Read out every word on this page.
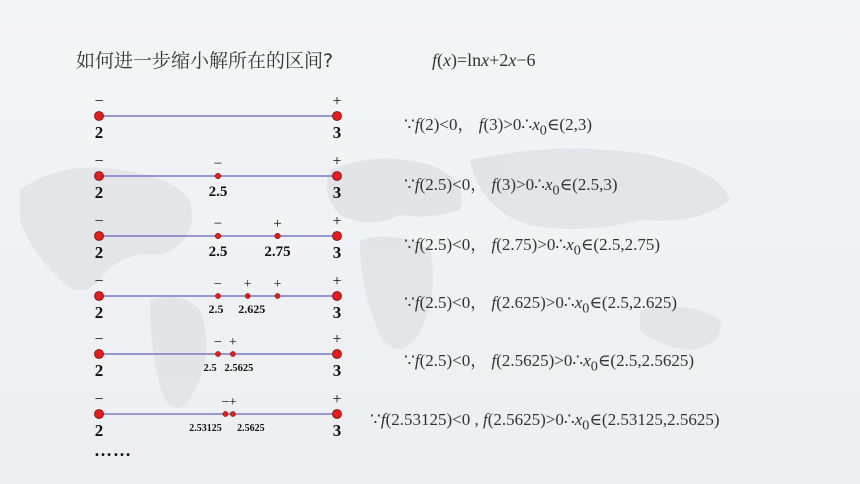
如何进一步缩小解所在的区间?	f(x)=lnx+2x−6
−	+
2	3
−	+
2	3
−
2.5
−	+
2	3
−	+
2.5 2.75
−	+
2	3
− + +
2.5 2.625
−	+
2	3
− +
2.5 2.5625
−	+
2	3
− +
2.53125 2.5625
∵f(2)<0， $f(3)>0\therefore x_0\in(2,3)$
∵f(2.5)<0， $f(3)>0\therefore x_0\in(2.5,3)$
∵f(2.5)<0， $f(2.75)>0\therefore x_0\in(2.5,2.75)$
∵f(2.5)<0， $f(2.625)>0\therefore x_0\in(2.5,2.625)$
∵f(2.5)<0， $f(2.5625)>0\therefore x_0\in(2.5,2.5625)$
∵f(2.53125)<0 , $f(2.5625)>0\therefore x_0\in(2.53125,2.5625)$
……
